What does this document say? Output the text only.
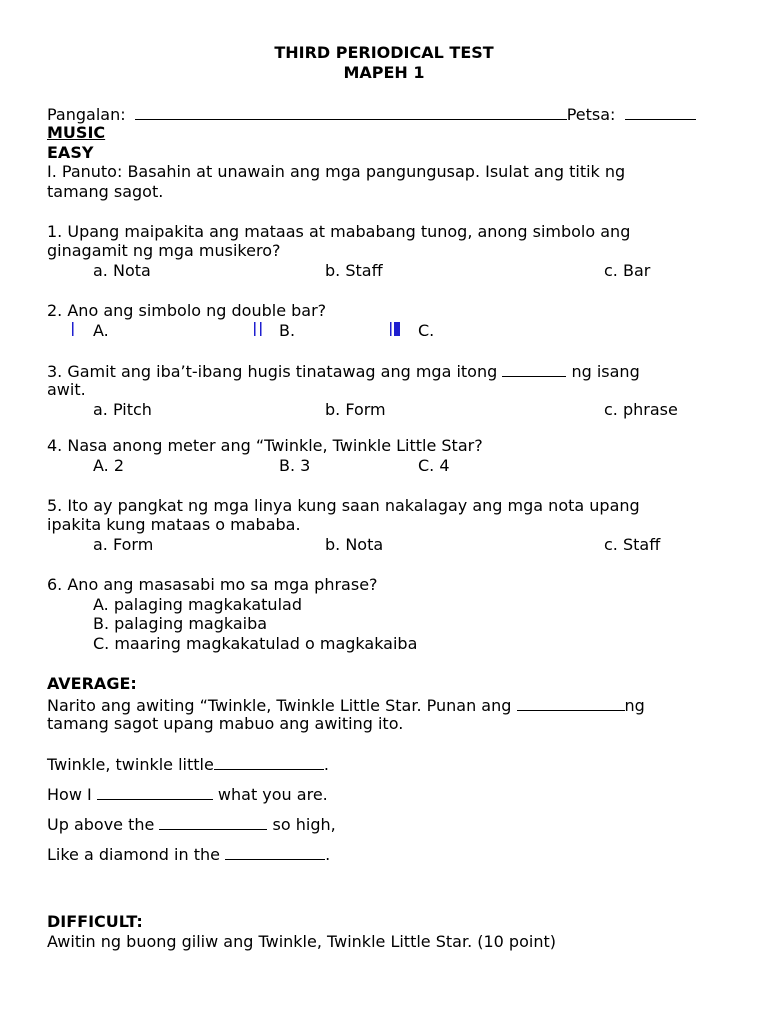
THIRD PERIODICAL TEST
MAPEH 1
Pangalan:	Petsa:
MUSIC
EASY
I. Panuto: Basahin at unawain ang mga pangungusap. Isulat ang titik ng
tamang sagot.
1. Upang maipakita ang mataas at mababang tunog, anong simbolo ang
ginagamit ng mga musikero?
a. Nota	b. Staff	c. Bar
2. Ano ang simbolo ng double bar?
A.	B.	C.
3. Gamit ang iba’t-ibang hugis tinatawag ang mga itong	ng isang
awit.
a. Pitch	b. Form	c. phrase
4. Nasa anong meter ang “Twinkle, Twinkle Little Star?
A. 2	B. 3	C. 4
5. Ito ay pangkat ng mga linya kung saan nakalagay ang mga nota upang
ipakita kung mataas o mababa.
a. Form	b. Nota	c. Staff
6. Ano ang masasabi mo sa mga phrase?
A. palaging magkakatulad
B. palaging magkaiba
C. maaring magkakatulad o magkakaiba
AVERAGE:
Narito ang awiting “Twinkle, Twinkle Little Star. Punan ang	ng
tamang sagot upang mabuo ang awiting ito.
Twinkle, twinkle little	.
How I	what you are.
Up above the	so high,
Like a diamond in the	.
DIFFICULT:
Awitin ng buong giliw ang Twinkle, Twinkle Little Star. (10 point)
